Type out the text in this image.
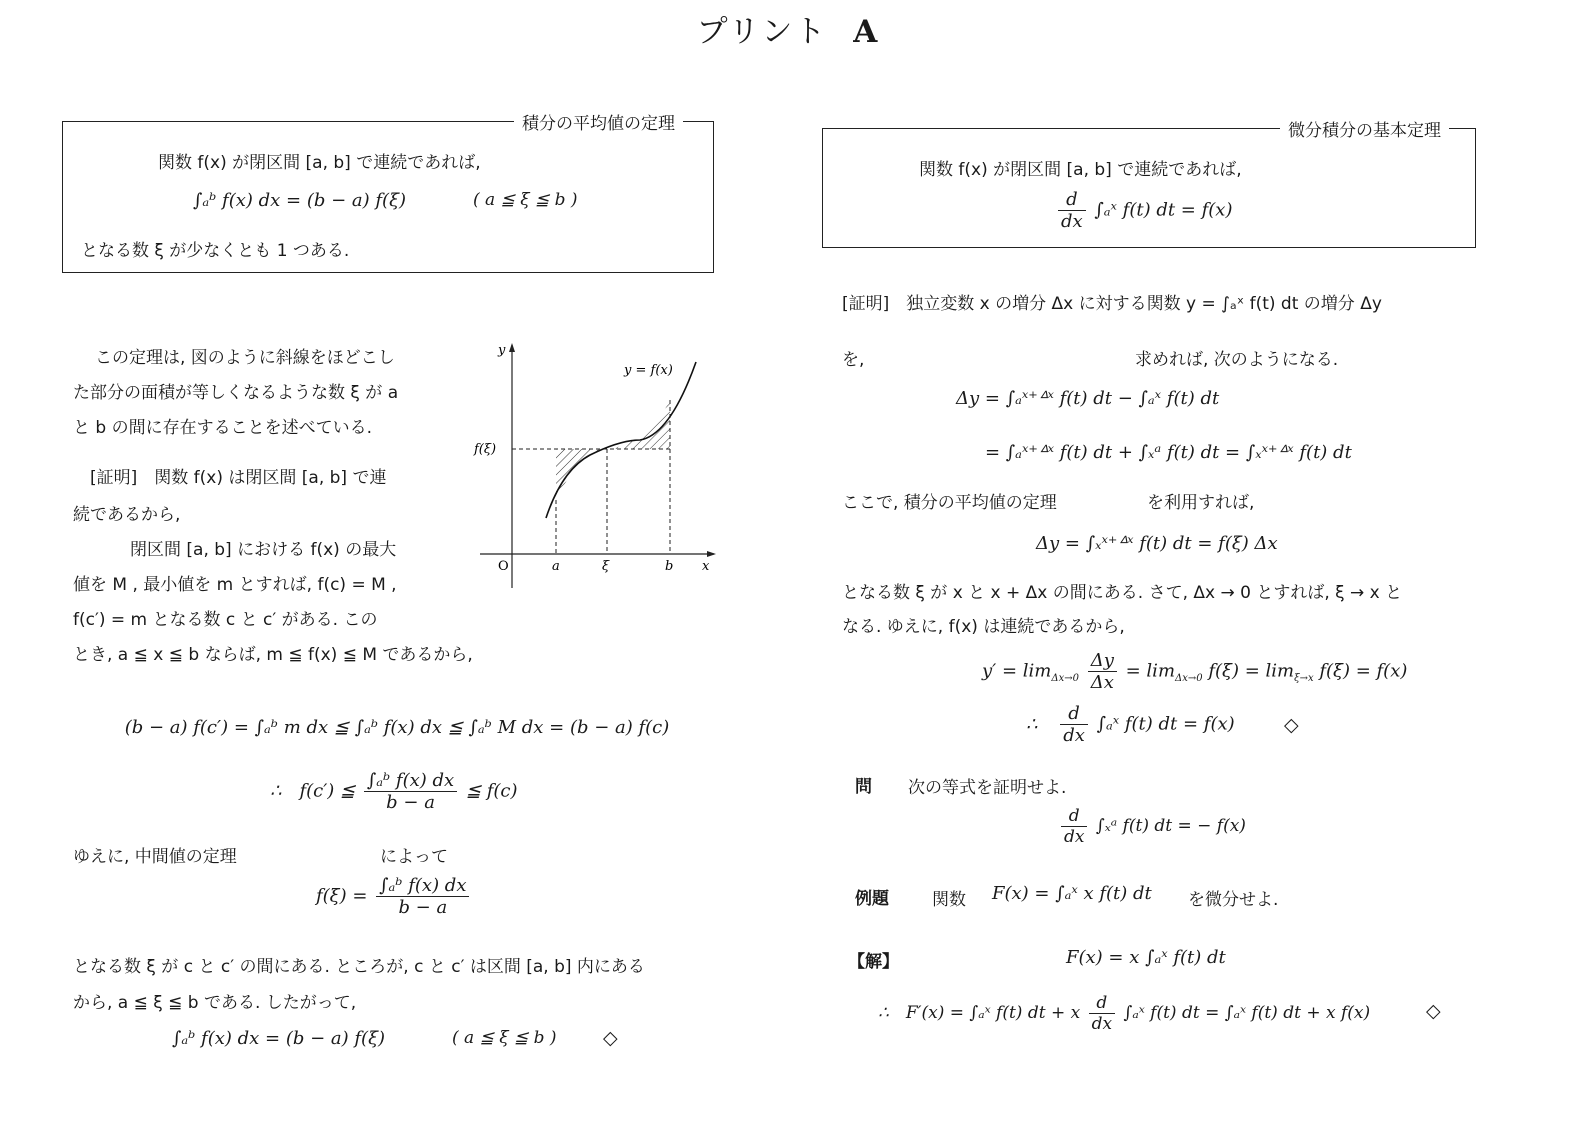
プリント A
積分の平均値の定理
関数 f(x) が閉区間 [a, b] で連続であれば,
∫ₐᵇ f(x) dx = (b − a) f(ξ)	( a ≦ ξ ≦ b )
となる数 ξ が少なくとも 1 つある.
この定理は, 図のように斜線をほどこし
た部分の面積が等しくなるような数 ξ が a
と b の間に存在することを述べている.
[証明]　関数 f(x) は閉区間 [a, b] で連
続であるから,
閉区間 [a, b] における f(x) の最大
値を M , 最小値を m とすれば, f(c) = M ,
f(c′) = m となる数 c と c′ がある. この
とき, a ≦ x ≦ b ならば, m ≦ f(x) ≦ M であるから,
y
y = f(x)
f(ξ)
O	a	ξ	b x
(b − a) f(c′) = ∫ₐᵇ m dx ≦ ∫ₐᵇ f(x) dx ≦ ∫ₐᵇ M dx = (b − a) f(c)
∴　f(c′) ≦ $\frac{\text{∫ₐᵇ f(x) dx}}{b - a}$ ≦ f(c)
ゆえに, 中間値の定理	によって
$f(\xi) = \frac{\text{∫ₐᵇ f(x) dx}}{b - a}$
となる数 ξ が c と c′ の間にある. ところが, c と c′ は区間 [a, b] 内にある
から, a ≦ ξ ≦ b である. したがって,
∫ₐᵇ f(x) dx = (b − a) f(ξ)	( a ≦ ξ ≦ b ) ◇
微分積分の基本定理
関数 f(x) が閉区間 [a, b] で連続であれば,
$\frac{d}{dx}$ ∫ₐˣ f(t) dt = f(x)
[証明]　独立変数 x の増分 Δx に対する関数 y = ∫ₐˣ f(t) dt の増分 Δy
を,	求めれば, 次のようになる.
Δy = ∫ₐˣ⁺ᐞˣ f(t) dt − ∫ₐˣ f(t) dt
= ∫ₐˣ⁺ᐞˣ f(t) dt + ∫ₓᵃ f(t) dt = ∫ₓˣ⁺ᐞˣ f(t) dt
ここで, 積分の平均値の定理	を利用すれば,
Δy = ∫ₓˣ⁺ᐞˣ f(t) dt = f(ξ) Δx
となる数 ξ が x と x + Δx の間にある. さて, Δx → 0 とすれば, ξ → x と
なる. ゆえに, f(x) は連続であるから,
$y' = \lim_{\Delta x\to 0} \frac{\Delta y}{\Delta x} = \lim_{\Delta x\to 0} f(\xi) = \lim_{\xi\to x} f(\xi) = f(x)$
∴ $\frac{d}{dx}$ ∫ₐˣ f(t) dt = f(x)	◇
問 次の等式を証明せよ.
$\frac{d}{dx}$ ∫ₓᵃ f(t) dt = − f(x)
例題	関数 F(x) = ∫ₐˣ x f(t) dt を微分せよ.
【解】	F(x) = x ∫ₐˣ f(t) dt
∴　F′(x) = ∫ₐˣ f(t) dt + x $\frac{d}{dx}$ ∫ₐˣ f(t) dt = ∫ₐˣ f(t) dt + x f(x)	◇
